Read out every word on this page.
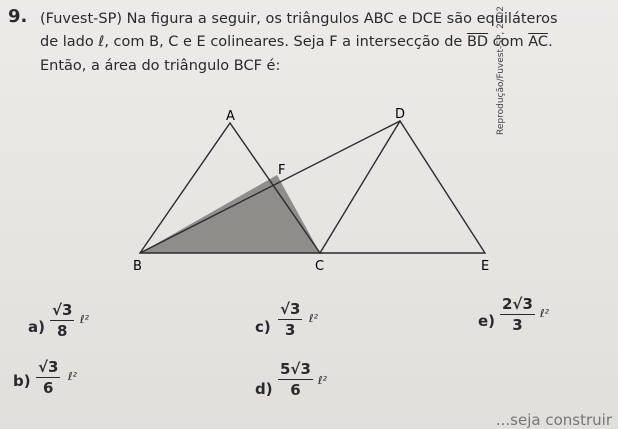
9. (Fuvest-SP) Na figura a seguir, os triângulos ABC e DCE são equiláteros
de lado ℓ, com B, C e E colineares. Seja F a intersecção de $\overline{BD}$ com $\overline{AC}$.
Então, a área do triângulo BCF é:
A	D
F
B	C	E
Reprodução/Fuvest-SP, 2002
$a) \frac{√3}{8}$ ℓ²
$b) \frac{√3}{6}$ ℓ²
$c) \frac{√3}{3}$ ℓ²
$d) \frac{5√3}{6}$ ℓ²
$e) \frac{2√3}{3}$ ℓ²
...seja construir
